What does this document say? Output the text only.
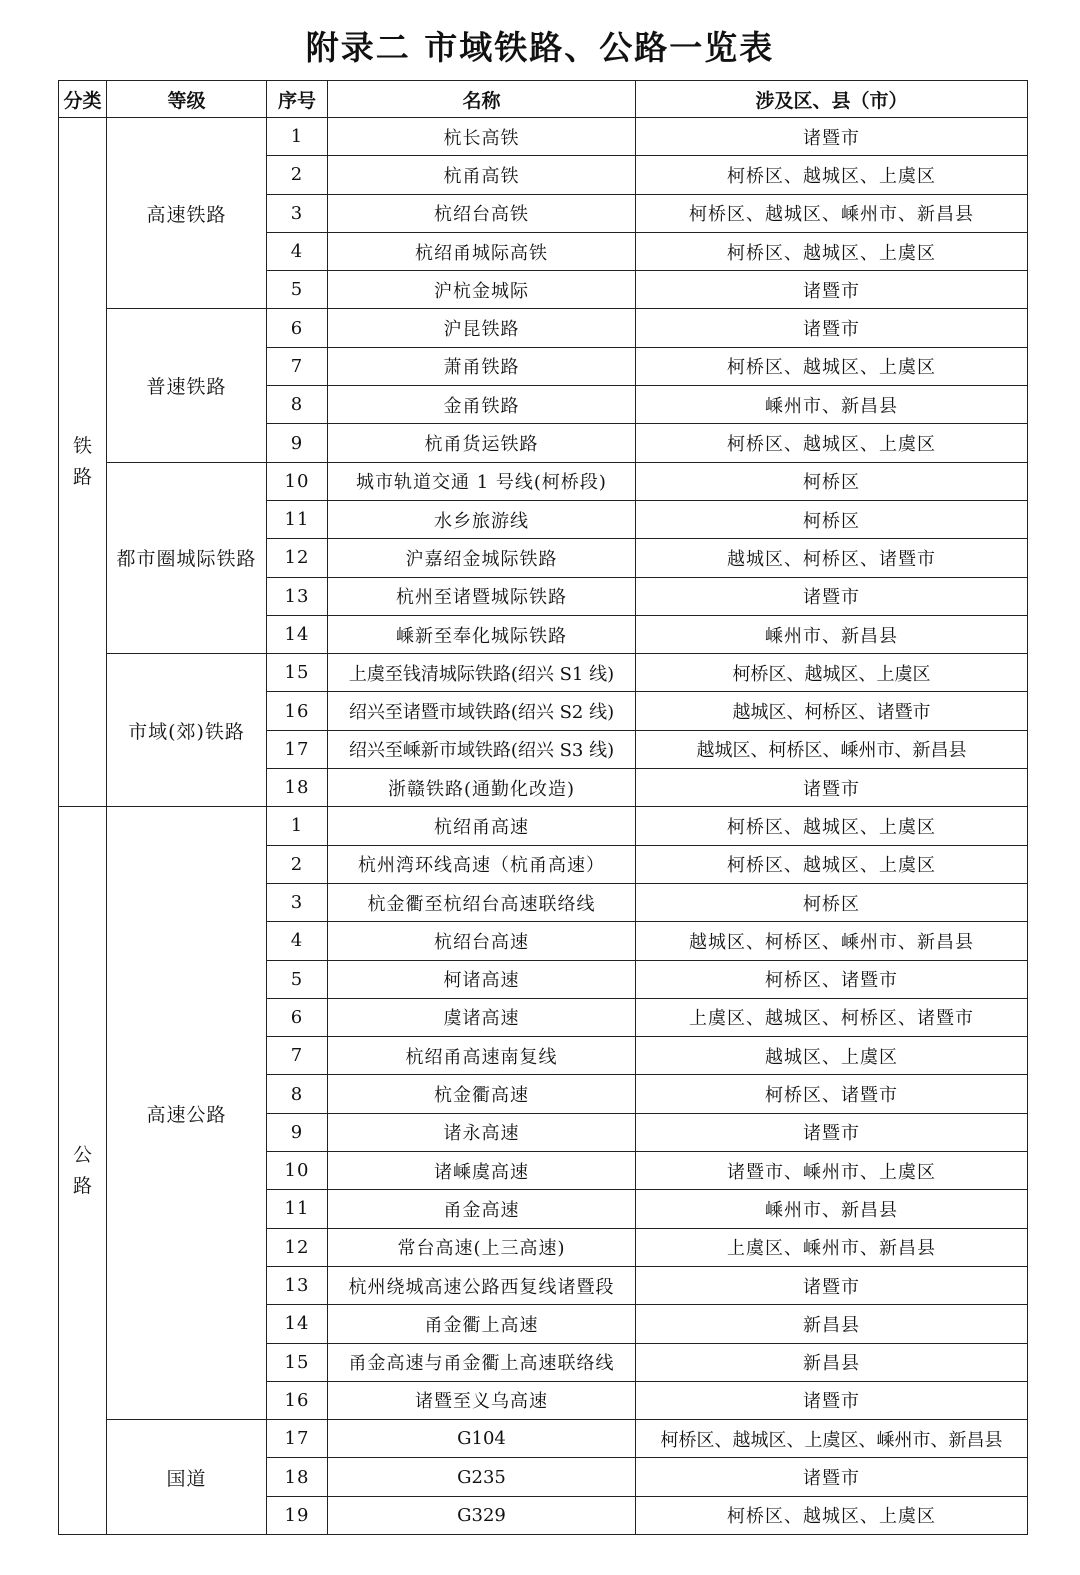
附录二 市域铁路、公路一览表
分类	等级	序号	名称	涉及区、县（市）
铁
路	高速铁路	1	杭长高铁	诸暨市
		2	杭甬高铁	柯桥区、越城区、上虞区
		3	杭绍台高铁	柯桥区、越城区、嵊州市、新昌县
		4	杭绍甬城际高铁	柯桥区、越城区、上虞区
		5	沪杭金城际	诸暨市
	普速铁路	6	沪昆铁路	诸暨市
		7	萧甬铁路	柯桥区、越城区、上虞区
		8	金甬铁路	嵊州市、新昌县
		9	杭甬货运铁路	柯桥区、越城区、上虞区
	都市圈城际铁路	10	城市轨道交通 1 号线(柯桥段)	柯桥区
		11	水乡旅游线	柯桥区
		12	沪嘉绍金城际铁路	越城区、柯桥区、诸暨市
		13	杭州至诸暨城际铁路	诸暨市
		14	嵊新至奉化城际铁路	嵊州市、新昌县
	市域(郊)铁路	15	上虞至钱清城际铁路(绍兴 S1 线)	柯桥区、越城区、上虞区
		16	绍兴至诸暨市域铁路(绍兴 S2 线)	越城区、柯桥区、诸暨市
		17	绍兴至嵊新市域铁路(绍兴 S3 线)	越城区、柯桥区、嵊州市、新昌县
		18	浙赣铁路(通勤化改造)	诸暨市
公
路	高速公路	1	杭绍甬高速	柯桥区、越城区、上虞区
		2	杭州湾环线高速（杭甬高速）	柯桥区、越城区、上虞区
		3	杭金衢至杭绍台高速联络线	柯桥区
		4	杭绍台高速	越城区、柯桥区、嵊州市、新昌县
		5	柯诸高速	柯桥区、诸暨市
		6	虞诸高速	上虞区、越城区、柯桥区、诸暨市
		7	杭绍甬高速南复线	越城区、上虞区
		8	杭金衢高速	柯桥区、诸暨市
		9	诸永高速	诸暨市
		10	诸嵊虞高速	诸暨市、嵊州市、上虞区
		11	甬金高速	嵊州市、新昌县
		12	常台高速(上三高速)	上虞区、嵊州市、新昌县
		13	杭州绕城高速公路西复线诸暨段	诸暨市
		14	甬金衢上高速	新昌县
		15	甬金高速与甬金衢上高速联络线	新昌县
		16	诸暨至义乌高速	诸暨市
	国道	17	G104	柯桥区、越城区、上虞区、嵊州市、新昌县
		18	G235	诸暨市
		19	G329	柯桥区、越城区、上虞区
